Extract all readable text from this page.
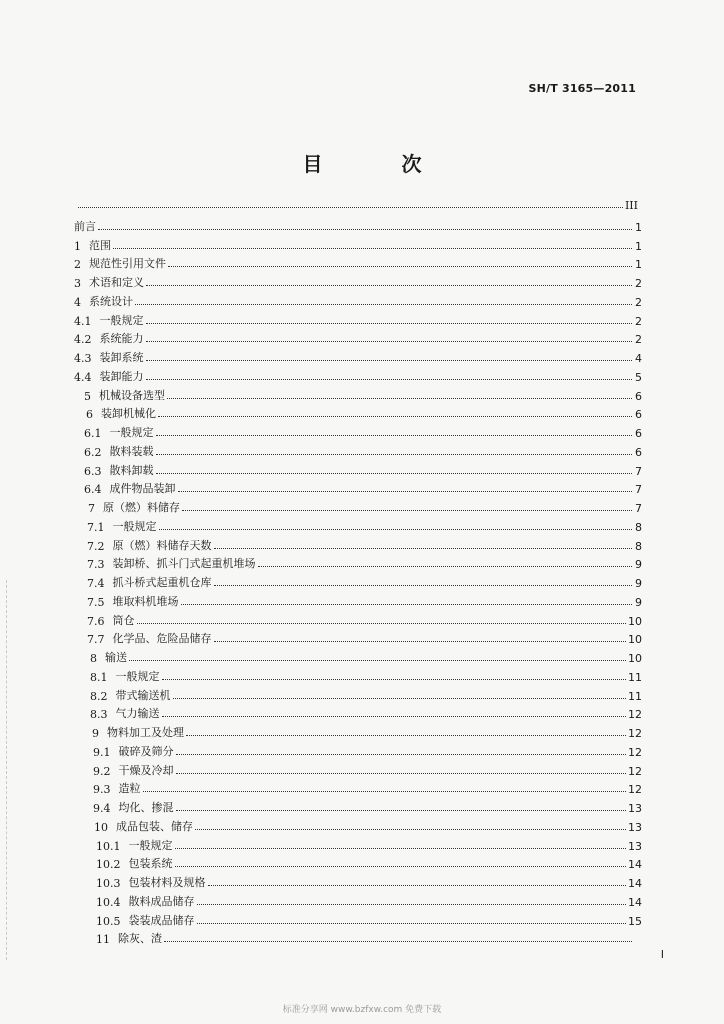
SH/T 3165—2011
目 次
III
前言	1
1 范围	1
2 规范性引用文件	1
3 术语和定义	2
4 系统设计	2
4.1 一般规定	2
4.2 系统能力	2
4.3 装卸系统	4
4.4 装卸能力	5
5 机械设备选型	6
6 装卸机械化	6
6.1 一般规定	6
6.2 散料装载	6
6.3 散料卸载	7
6.4 成件物品装卸	7
7 原（燃）料储存	7
7.1 一般规定	8
7.2 原（燃）料储存天数	8
7.3 装卸桥、抓斗门式起重机堆场	9
7.4 抓斗桥式起重机仓库	9
7.5 堆取料机堆场	9
7.6 筒仓	10
7.7 化学品、危险品储存	10
8 输送	10
8.1 一般规定	11
8.2 带式输送机	11
8.3 气力输送	12
9 物料加工及处理	12
9.1 破碎及筛分	12
9.2 干燥及冷却	12
9.3 造粒	12
9.4 均化、掺混	13
10 成品包装、储存	13
10.1 一般规定	13
10.2 包装系统	14
10.3 包装材料及规格	14
10.4 散料成品储存	14
10.5 袋装成品储存	15
11 除灰、渣
I
标准分享网 www.bzfxw.com 免费下载
